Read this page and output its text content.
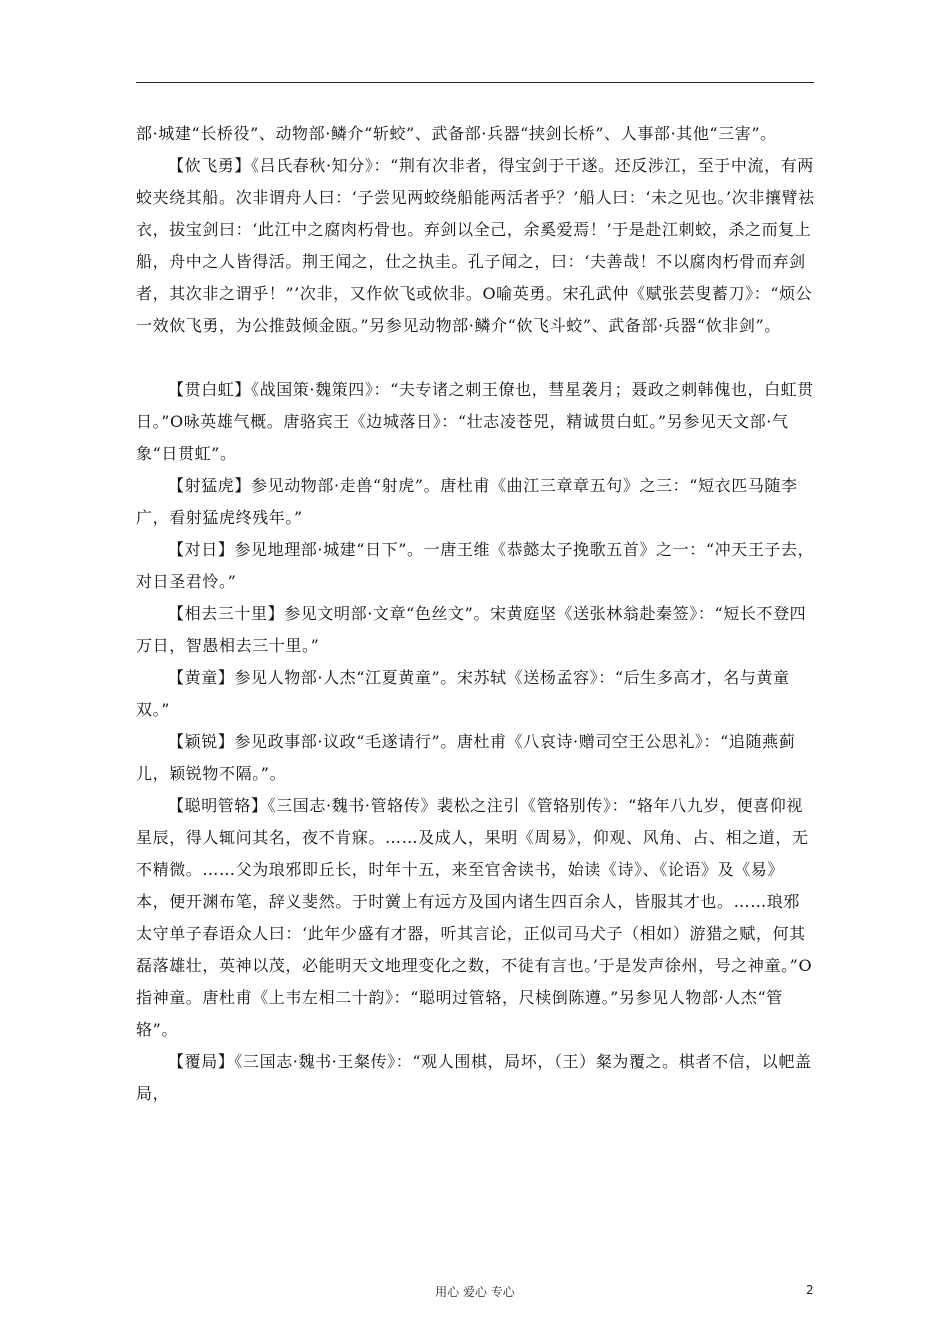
部·城建“长桥役”、动物部·鳞介“斩蛟”、武备部·兵器“挟剑长桥”、人事部·其他“三害”。

【佽飞勇】《吕氏春秋·知分》：“荆有次非者，得宝剑于干遂。还反涉江，至于中流，有两蛟夹绕其船。次非谓舟人曰：‘子尝见两蛟绕船能两活者乎？’船人曰：‘未之见也。’次非攘臂祛衣，拔宝剑曰：‘此江中之腐肉朽骨也。弃剑以全己，余奚爱焉！’于是赴江刺蛟，杀之而复上船，舟中之人皆得活。荆王闻之，仕之执圭。孔子闻之，曰：‘夫善哉！不以腐肉朽骨而弃剑者，其次非之谓乎！”’次非，又作佽飞或佽非。O喻英勇。宋孔武仲《赋张芸叟蓄刀》：“烦公一效佽飞勇，为公推鼓倾金瓯。”另参见动物部·鳞介“佽飞斗蛟”、武备部·兵器“佽非剑”。

【贯白虹】《战国策·魏策四》：“夫专诸之刺王僚也，彗星袭月；聂政之刺韩傀也，白虹贯日。”O咏英雄气概。唐骆宾王《边城落日》：“壮志凌苍兕，精诚贯白虹。”另参见天文部·气象“日贯虹”。

【射猛虎】参见动物部·走兽“射虎”。唐杜甫《曲江三章章五句》之三：“短衣匹马随李广，看射猛虎终残年。”

【对日】参见地理部·城建“日下”。一唐王维《恭懿太子挽歌五首》之一：“冲天王子去，对日圣君怜。”

【相去三十里】参见文明部·文章“色丝文”。宋黄庭坚《送张林翁赴秦签》：“短长不登四万日，智愚相去三十里。”

【黄童】参见人物部·人杰“江夏黄童”。宋苏轼《送杨孟容》：“后生多高才，名与黄童双。”

【颖锐】参见政事部·议政“毛遂请行”。唐杜甫《八哀诗·赠司空王公思礼》：“追随燕蓟儿，颖锐物不隔。”。

【聪明管辂】《三国志·魏书·管辂传》裴松之注引《管辂别传》：“辂年八九岁，便喜仰视星辰，得人辄问其名，夜不肯寐。……及成人，果明《周易》，仰观、风角、占、相之道，无不精微。……父为琅邪即丘长，时年十五，来至官舍读书，始读《诗》、《论语》及《易》本，便开渊布笔，辞义斐然。于时黉上有远方及国内诸生四百余人，皆服其才也。……琅邪太守单子春语众人曰：‘此年少盛有才器，听其言论，正似司马犬子（相如）游猎之赋，何其磊落雄壮，英神以茂，必能明天文地理变化之数，不徒有言也。’于是发声徐州，号之神童。”O指神童。唐杜甫《上韦左相二十韵》：“聪明过管辂，尺椟倒陈遵。”另参见人物部·人杰“管辂”。

【覆局】《三国志·魏书·王粲传》：“观人围棋，局坏，（王）粲为覆之。棋者不信，以帊盖局，

用心 爱心 专心	2
